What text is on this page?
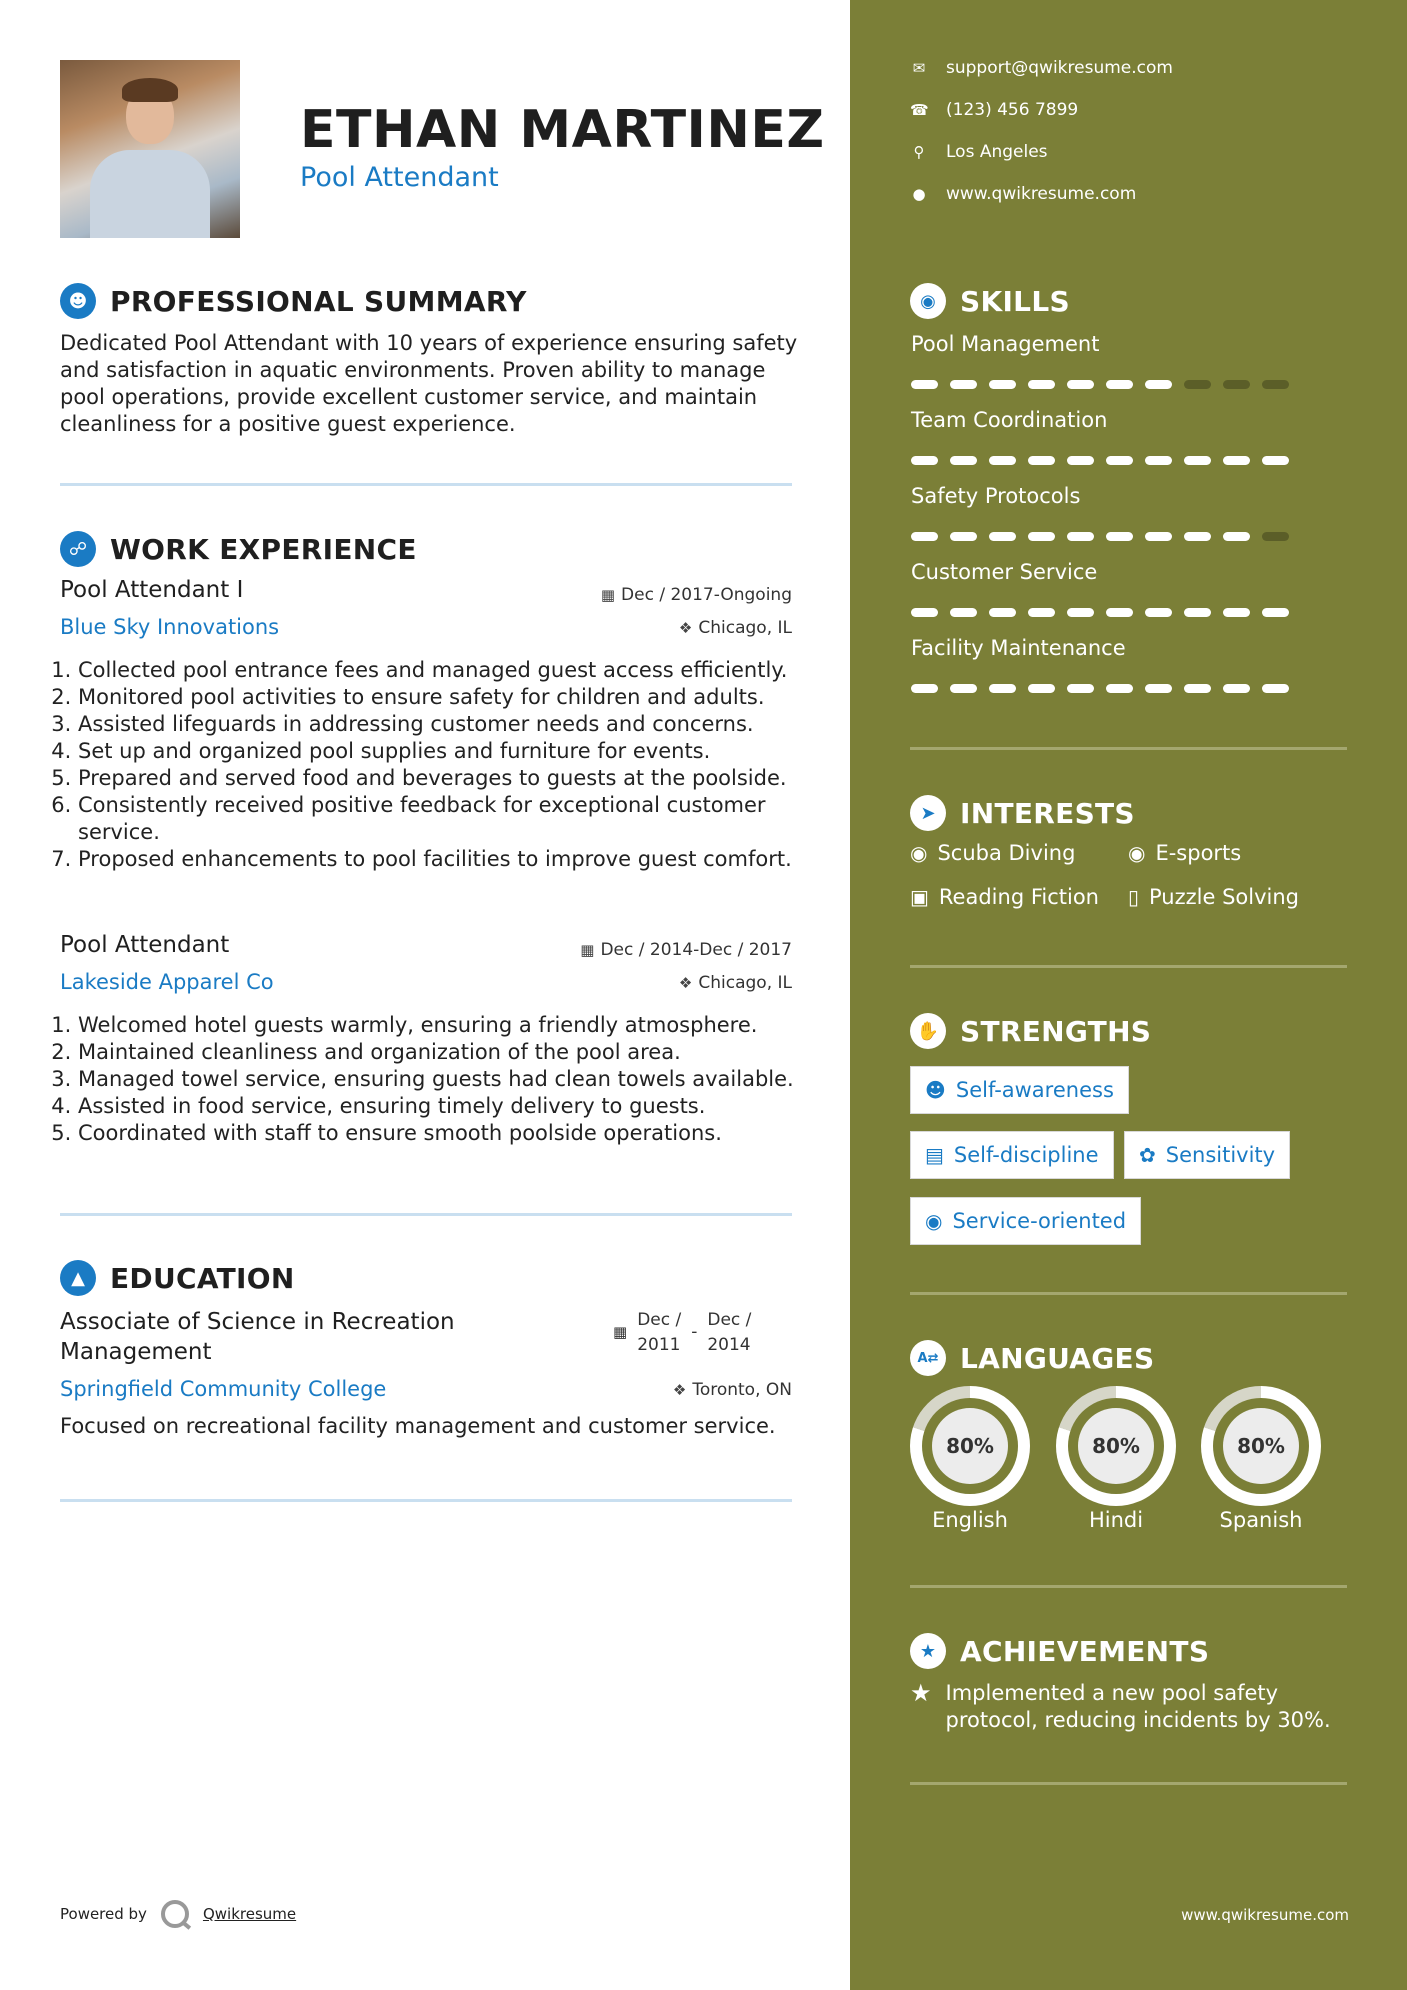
ETHAN MARTINEZ
Pool Attendant
☻ PROFESSIONAL SUMMARY
Dedicated Pool Attendant with 10 years of experience ensuring safety and satisfaction in aquatic environments. Proven ability to manage pool operations, provide excellent customer service, and maintain cleanliness for a positive guest experience.
☍ WORK EXPERIENCE
Pool Attendant I	▦ Dec / 2017-Ongoing
Blue Sky Innovations	❖ Chicago, IL
1. Collected pool entrance fees and managed guest access efficiently.
2. Monitored pool activities to ensure safety for children and adults.
3. Assisted lifeguards in addressing customer needs and concerns.
4. Set up and organized pool supplies and furniture for events.
5. Prepared and served food and beverages to guests at the poolside.
6. Consistently received positive feedback for exceptional customer service.
7. Proposed enhancements to pool facilities to improve guest comfort.
Pool Attendant	▦ Dec / 2014-Dec / 2017
Lakeside Apparel Co	❖ Chicago, IL
1. Welcomed hotel guests warmly, ensuring a friendly atmosphere.
2. Maintained cleanliness and organization of the pool area.
3. Managed towel service, ensuring guests had clean towels available.
4. Assisted in food service, ensuring timely delivery to guests.
5. Coordinated with staff to ensure smooth poolside operations.
▲ EDUCATION
Associate of Science in Recreation Management
▦
Dec /
2011
-
Dec /
2014
Springfield Community College	❖ Toronto, ON
Focused on recreational facility management and customer service.
Powered by	Qwikresume
✉ support@qwikresume.com
☎ (123) 456 7899
⚲ Los Angeles
● www.qwikresume.com
◉ SKILLS
Pool Management
Team Coordination
Safety Protocols
Customer Service
Facility Maintenance
➤ INTERESTS
◉ Scuba Diving	◉ E-sports
▣ Reading Fiction ▯ Puzzle Solving
✋ STRENGTHS
☻ Self-awareness
▤ Self-discipline ✿ Sensitivity
◉ Service-oriented
A⇄ LANGUAGES
80%
English
80%
Hindi
80%
Spanish
★ ACHIEVEMENTS
★ Implemented a new pool safety protocol, reducing incidents by 30%.
www.qwikresume.com
